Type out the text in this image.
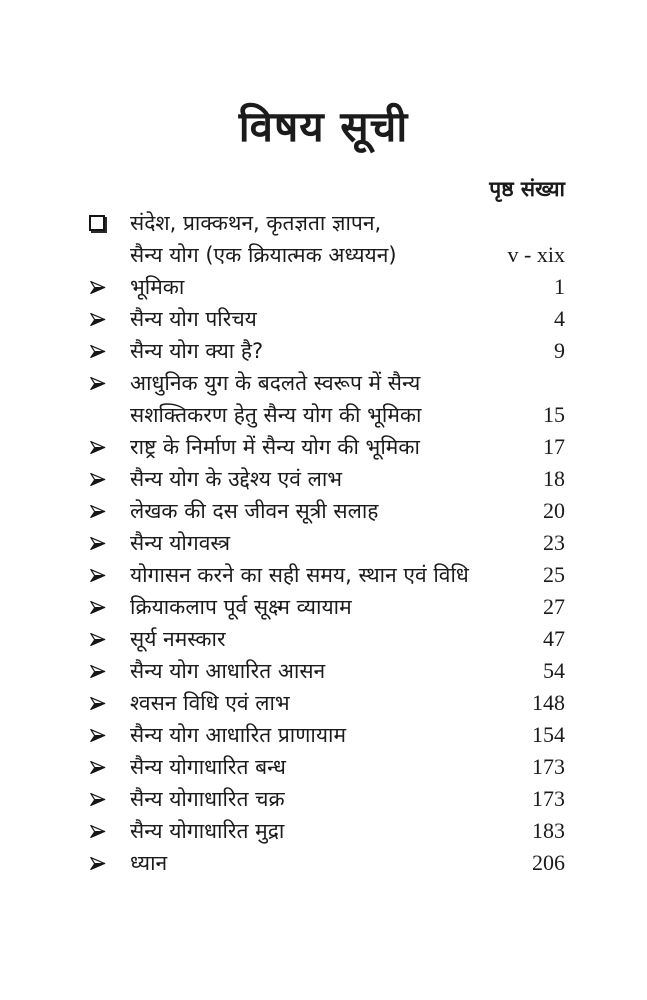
विषय सूची
पृष्ठ संख्या
संदेश, प्राक्कथन, कृतज्ञता ज्ञापन,
सैन्य योग (एक क्रियात्मक अध्ययन)	v - xix
भूमिका	1
सैन्य योग परिचय	4
सैन्य योग क्या है?	9
आधुनिक युग के बदलते स्वरूप में सैन्य
सशक्तिकरण हेतु सैन्य योग की भूमिका	15
राष्ट्र के निर्माण में सैन्य योग की भूमिका	17
सैन्य योग के उद्देश्य एवं लाभ	18
लेखक की दस जीवन सूत्री सलाह	20
सैन्य योगवस्त्र	23
योगासन करने का सही समय, स्थान एवं विधि	25
क्रियाकलाप पूर्व सूक्ष्म व्यायाम	27
सूर्य नमस्कार	47
सैन्य योग आधारित आसन	54
श्वसन विधि एवं लाभ	148
सैन्य योग आधारित प्राणायाम	154
सैन्य योगाधारित बन्ध	173
सैन्य योगाधारित चक्र	173
सैन्य योगाधारित मुद्रा	183
ध्यान	206
